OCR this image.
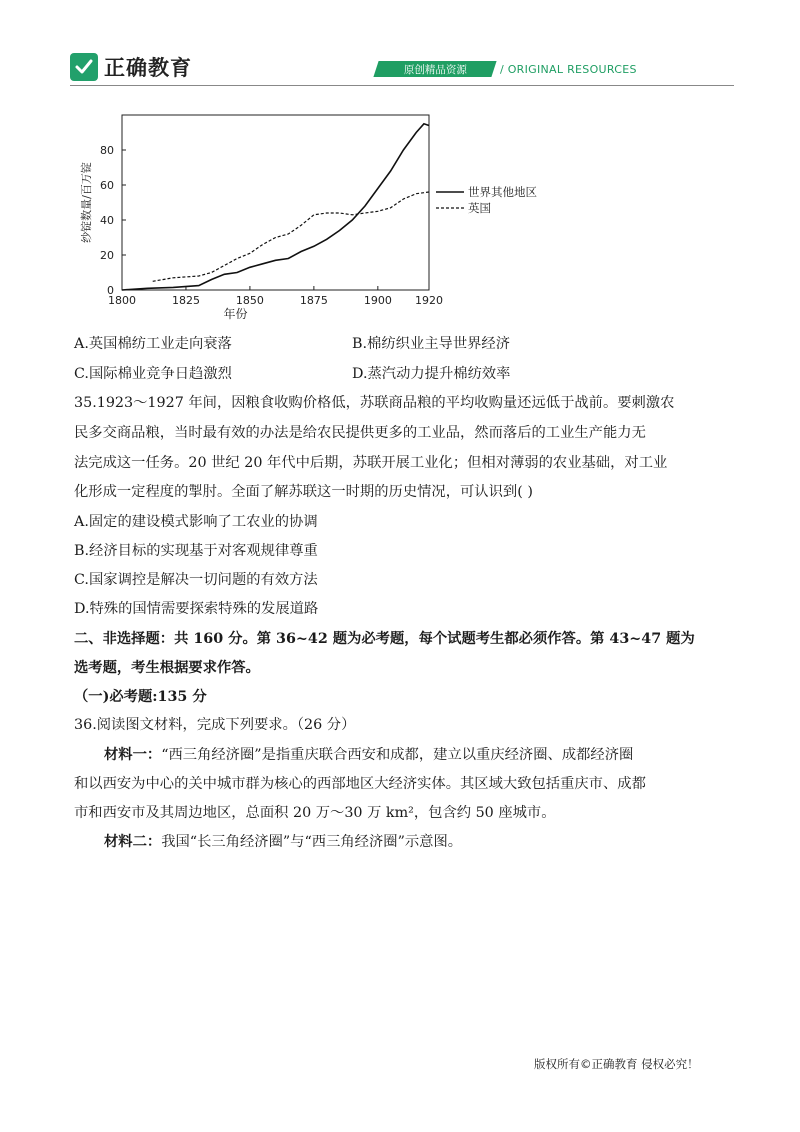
正确教育	原创精品资源	/ ORIGINAL RESOURCES
1800	1825	1850	1875	1900 1920
0
20
40
60
80
年份
纱锭数量/百万锭	世界其他地区
英国
A.英国棉纺工业走向衰落	B.棉纺织业主导世界经济
C.国际棉业竞争日趋激烈	D.蒸汽动力提升棉纺效率
35.1923～1927 年间，因粮食收购价格低，苏联商品粮的平均收购量还远低于战前。要刺激农
民多交商品粮，当时最有效的办法是给农民提供更多的工业品，然而落后的工业生产能力无
法完成这一任务。20 世纪 20 年代中后期，苏联开展工业化；但相对薄弱的农业基础，对工业
化形成一定程度的掣肘。全面了解苏联这一时期的历史情况，可认识到( )
A.固定的建设模式影响了工农业的协调
B.经济目标的实现基于对客观规律尊重
C.国家调控是解决一切问题的有效方法
D.特殊的国情需要探索特殊的发展道路
二、非选择题：共 160 分。第 36~42 题为必考题，每个试题考生都必须作答。第 43~47 题为
选考题，考生根据要求作答。
（一)必考题:135 分
36.阅读图文材料，完成下列要求。（26 分）
材料一：“西三角经济圈”是指重庆联合西安和成都，建立以重庆经济圈、成都经济圈
和以西安为中心的关中城市群为核心的西部地区大经济实体。其区域大致包括重庆市、成都
市和西安市及其周边地区，总面积 20 万～30 万 km²，包含约 50 座城市。
材料二：我国“长三角经济圈”与“西三角经济圈”示意图。
版权所有©正确教育 侵权必究！
